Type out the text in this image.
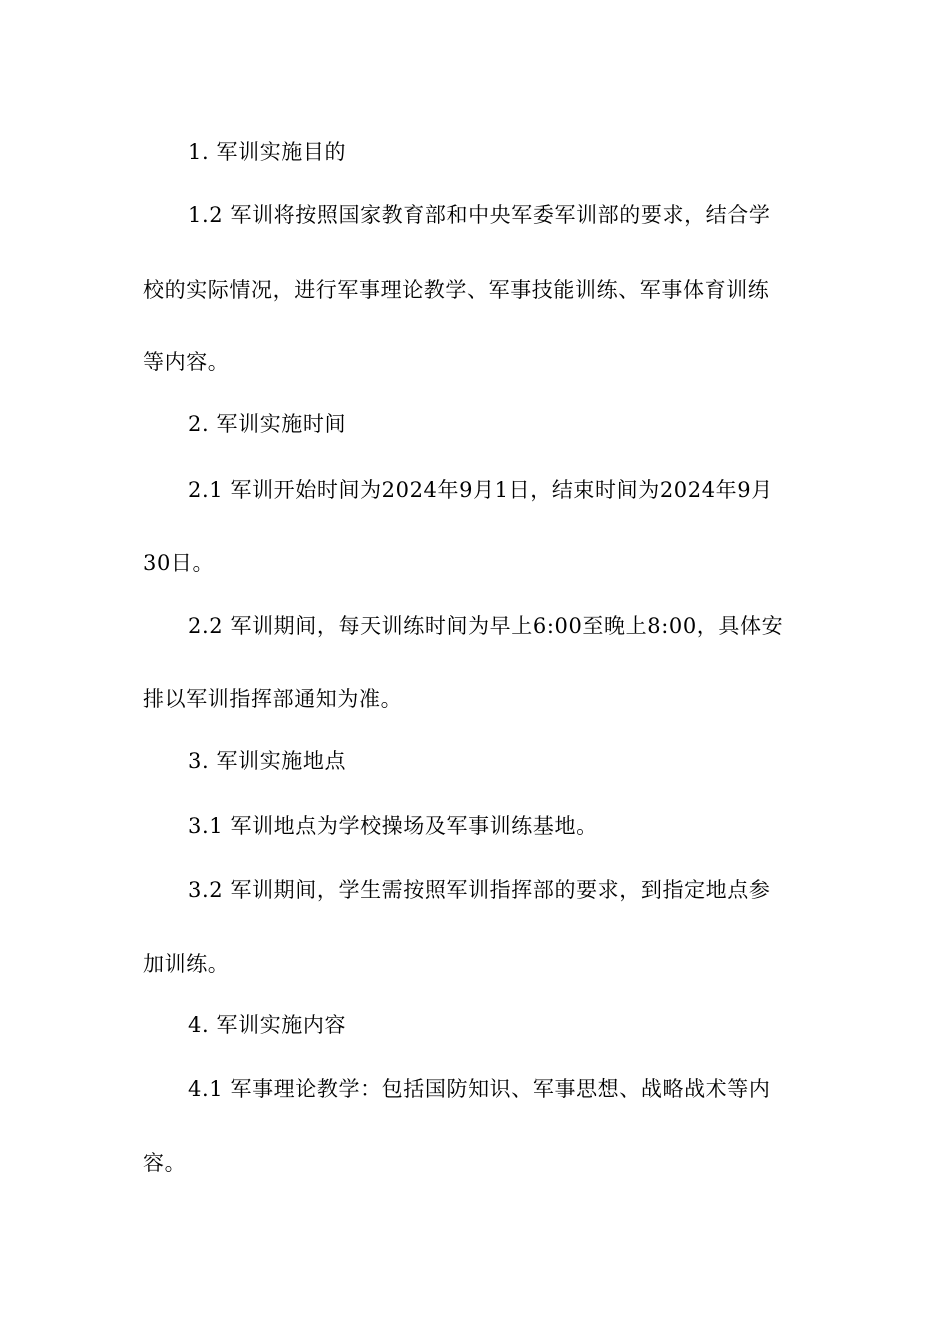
1. 军训实施目的
1.2 军训将按照国家教育部和中央军委军训部的要求，结合学
校的实际情况，进行军事理论教学、军事技能训练、军事体育训练
等内容。
2. 军训实施时间
2.1 军训开始时间为2024年9月1日，结束时间为2024年9月
30日。
2.2 军训期间，每天训练时间为早上6:00至晚上8:00，具体安
排以军训指挥部通知为准。
3. 军训实施地点
3.1 军训地点为学校操场及军事训练基地。
3.2 军训期间，学生需按照军训指挥部的要求，到指定地点参
加训练。
4. 军训实施内容
4.1 军事理论教学：包括国防知识、军事思想、战略战术等内
容。
